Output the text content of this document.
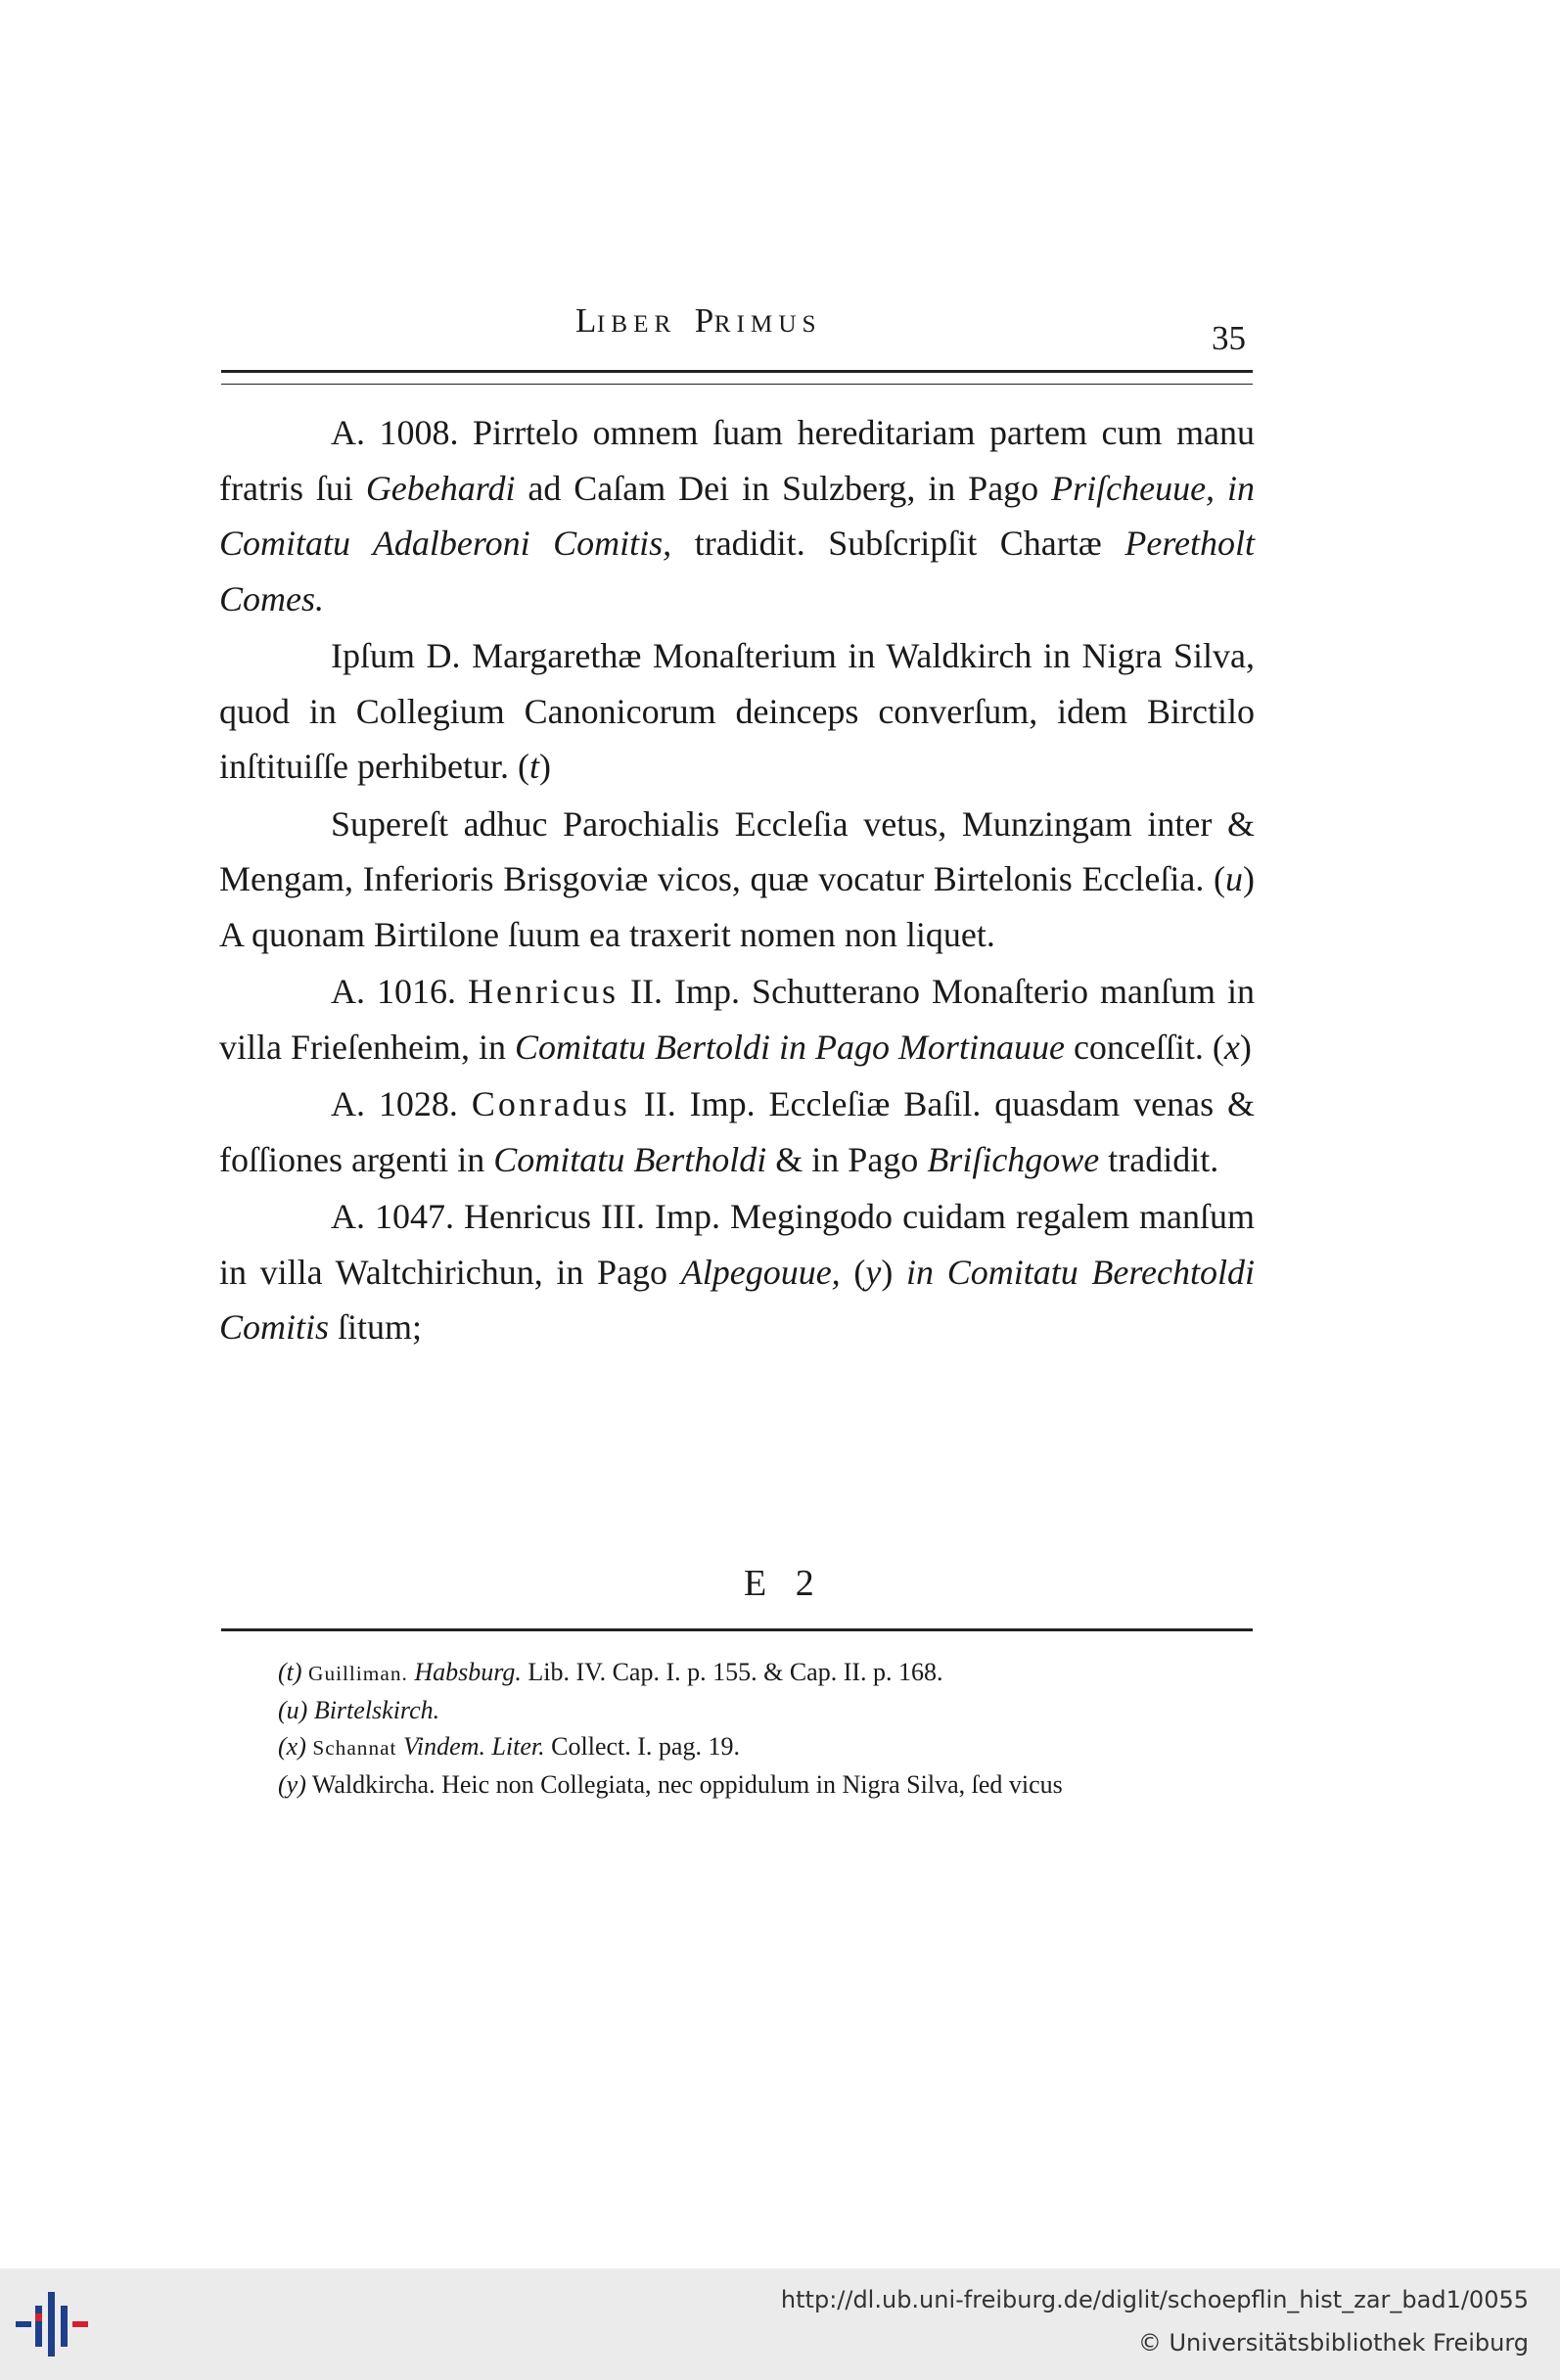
LIBER PRIMUS	35

A. 1008. Pirrtelo omnem ſuam hereditariam partem cum manu fratris ſui Gebehardi ad Caſam Dei in Sulzberg, in Pago Priſcheuue, in Comitatu Adalberoni Comitis, tradidit. Subſcripſit Chartæ Peretholt Comes.

Ipſum D. Margarethæ Monaſterium in Waldkirch in Nigra Silva, quod in Collegium Canonicorum deinceps converſum, idem Birctilo inſtituiſſe perhibetur. (t)

Supereſt adhuc Parochialis Eccleſia vetus, Munzingam inter & Mengam, Inferioris Brisgoviæ vicos, quæ vocatur Birtelonis Eccleſia. (u) A quonam Birtilone ſuum ea traxerit nomen non liquet.

A. 1016. Henricus II. Imp. Schutterano Monaſterio manſum in villa Frieſenheim, in Comitatu Bertoldi in Pago Mortinauue conceſſit. (x)

A. 1028. Conradus II. Imp. Eccleſiæ Baſil. quasdam venas & foſſiones argenti in Comitatu Bertholdi & in Pago Briſichgowe tradidit.

A. 1047. Henricus III. Imp. Megingodo cuidam regalem manſum in villa Waltchirichun, in Pago Alpegouue, (y) in Comitatu Berechtoldi Comitis ſitum;

E 2

(t) Guilliman. Habsburg. Lib. IV. Cap. I. p. 155. & Cap. II. p. 168.

(u) Birtelskirch.

(x) Schannat Vindem. Liter. Collect. I. pag. 19.

(y) Waldkircha. Heic non Collegiata, nec oppidulum in Nigra Silva, ſed vicus

http://dl.ub.uni-freiburg.de/diglit/schoepflin_hist_zar_bad1/0055
© Universitätsbibliothek Freiburg
